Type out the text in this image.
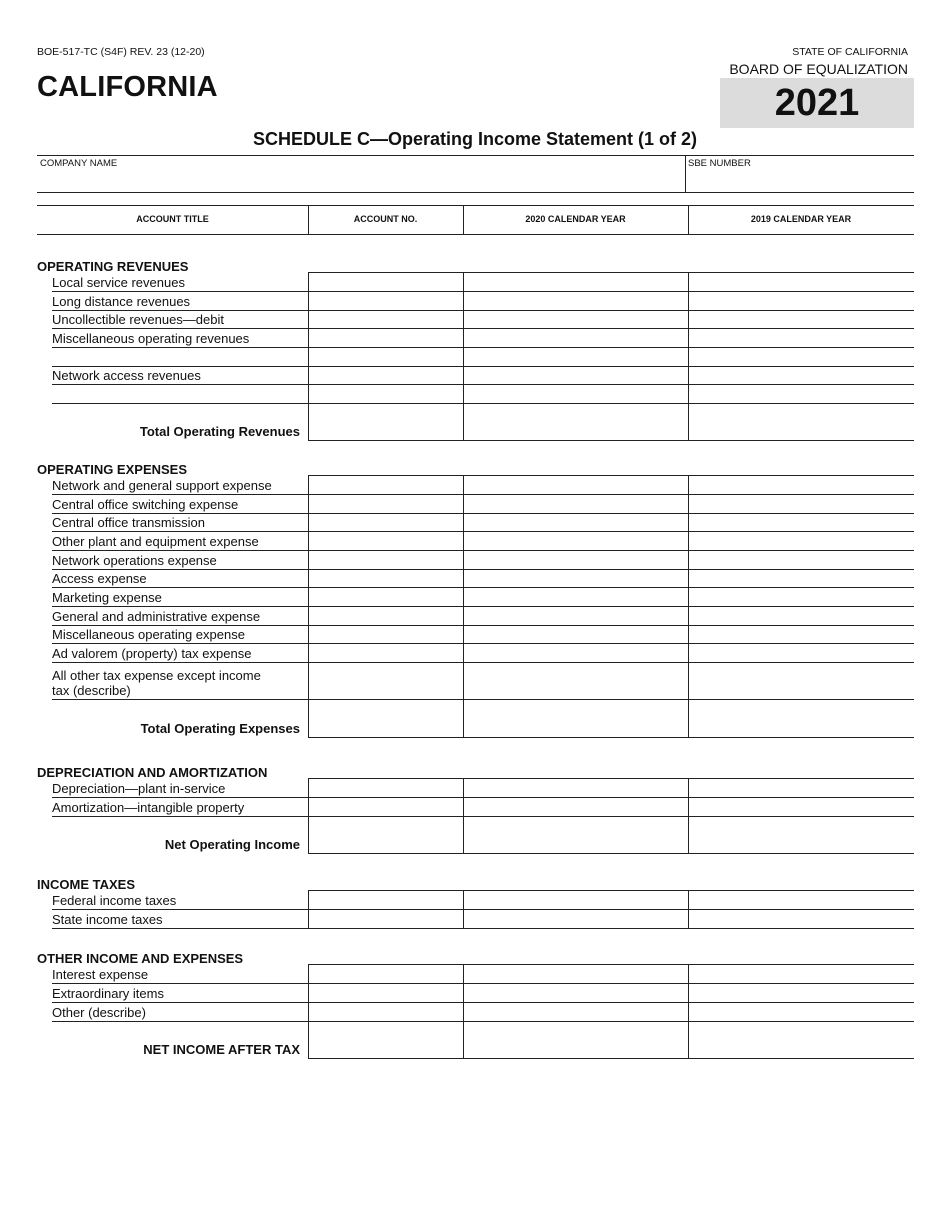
BOE-517-TC (S4F) REV. 23 (12-20)	STATE OF CALIFORNIA
BOARD OF EQUALIZATION
CALIFORNIA	2021
SCHEDULE C—Operating Income Statement (1 of 2)
COMPANY NAME	SBE NUMBER
ACCOUNT TITLE	ACCOUNT NO.	2020 CALENDAR YEAR	2019 CALENDAR YEAR
OPERATING REVENUES
Local service revenues
Long distance revenues
Uncollectible revenues—debit
Miscellaneous operating revenues
Network access revenues
Total Operating Revenues
OPERATING EXPENSES
Network and general support expense
Central office switching expense
Central office transmission
Other plant and equipment expense
Network operations expense
Access expense
Marketing expense
General and administrative expense
Miscellaneous operating expense
Ad valorem (property) tax expense
All other tax expense except income
tax (describe)
Total Operating Expenses
DEPRECIATION AND AMORTIZATION
Depreciation—plant in-service
Amortization—intangible property
Net Operating Income
INCOME TAXES
Federal income taxes
State income taxes
OTHER INCOME AND EXPENSES
Interest expense
Extraordinary items
Other (describe)
NET INCOME AFTER TAX
